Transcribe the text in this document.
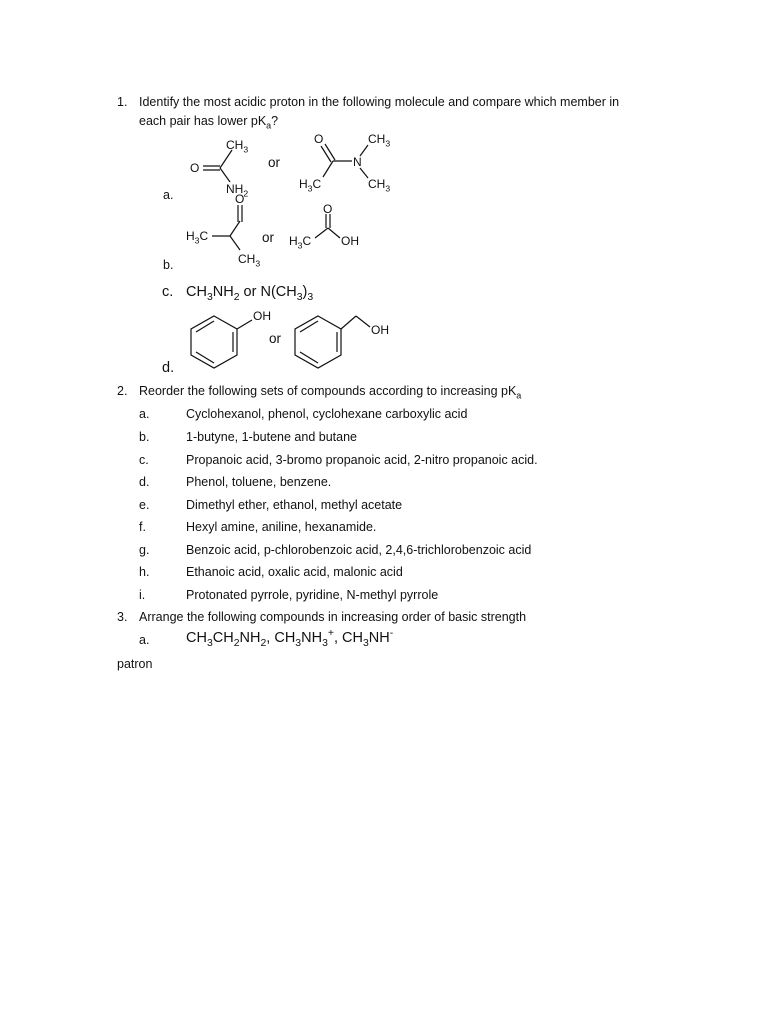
1. Identify the most acidic proton in the following molecule and compare which member in
each pair has lower $pK_a$?
$CH_3$
O
$NH_2$
or
O	$CH_3$
N
$H_3C$	$CH_3$
a.	O
$H_3C$
$CH_3$
or
O
$H_3C$ OH
b.
c. $CH_3NH_2$ or $N(CH_3)_3$
OH
or
OH
d.
2. Reorder the following sets of compounds according to increasing $pK_a$
a.	Cyclohexanol, phenol, cyclohexane carboxylic acid
b.	1-butyne, 1-butene and butane
c.	Propanoic acid, 3-bromo propanoic acid, 2-nitro propanoic acid.
d.	Phenol, toluene, benzene.
e.	Dimethyl ether, ethanol, methyl acetate
f.	Hexyl amine, aniline, hexanamide.
g.	Benzoic acid, p-chlorobenzoic acid, 2,4,6-trichlorobenzoic acid
h.	Ethanoic acid, oxalic acid, malonic acid
i.	Protonated pyrrole, pyridine, N-methyl pyrrole
3. Arrange the following compounds in increasing order of basic strength
a.	$CH_3CH_2NH_2$, $CH_3NH_3^+$, $CH_3NH^-$
patron
